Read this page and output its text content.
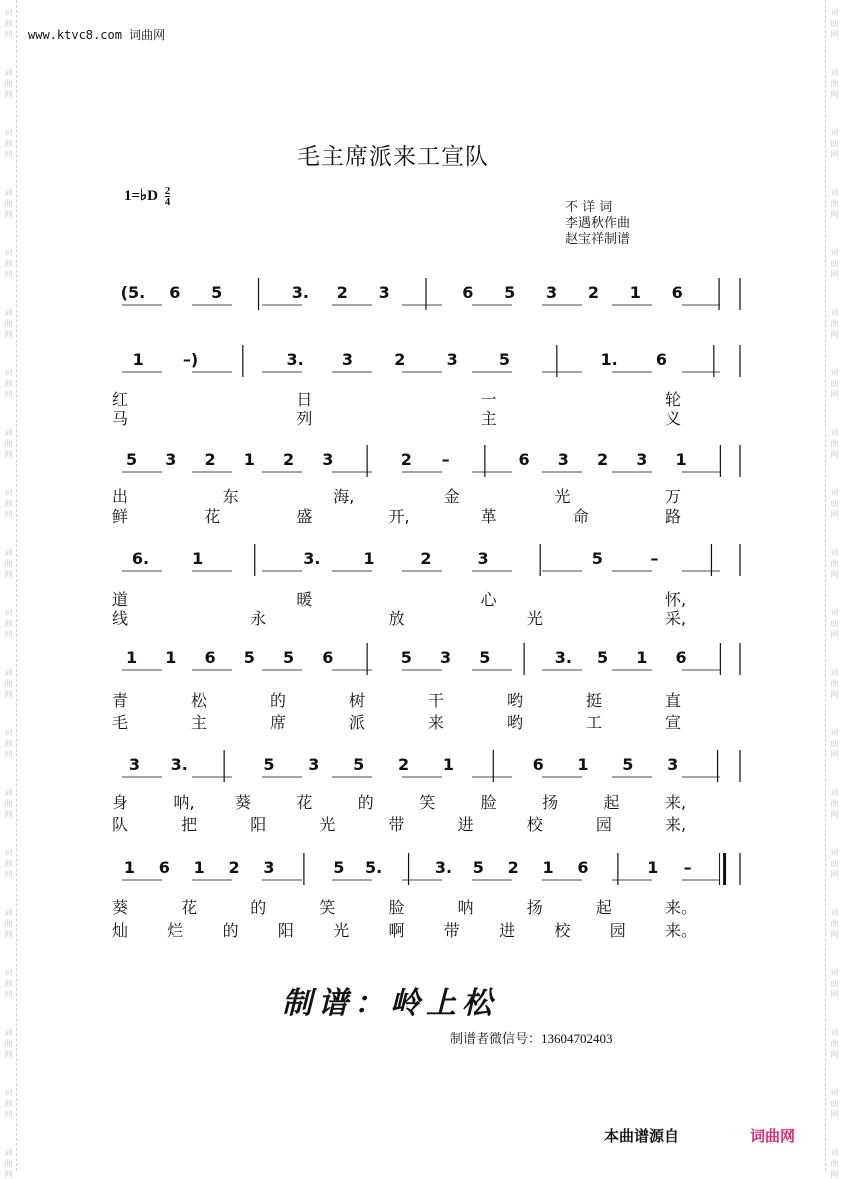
词
曲
网
词
曲
网
词
曲
网
词
曲
网
词
曲
网
词
曲
网
词
曲
网
词
曲
网
词
曲
网
词
曲
网
词
曲
网
词
曲
网
词
曲
网
词
曲
网
词
曲
网
词
曲
网
词
曲
网
词
曲
网
词
曲
网
词
曲
网
词
曲
网
词
曲
网
词
曲
网
词
曲
网
词
曲
网
词
曲
网
词
曲
网
词
曲
网
词
曲
网
词
曲
网
词
曲
网
词
曲
网
词
曲
网
词
曲
网
词
曲
网
词
曲
网
词
曲
网
词
曲
网
词
曲
网
词
曲
网
www.ktvc8.com 词曲网
毛主席派来工宣队
1=♭D $\frac{2}{4}$
不 详 词
李遇秋作曲
赵宝祥制谱
(5. 6 5	3. 2 3	6 5 3 2 1 6
1 –)	3. 3	2	3	5	1. 6
红	日	一	轮
马	列	主	义
5 3 2 1 2 3	2 –	6 3 2 3 1
出	东	海,	金	光	万
鲜	花	盛	开,	革	命	路
6.	1	3.	1	2	3	5	–
道	暖	心	怀,
线	永	放	光	采,
1 1 6 5 5 6	5 3 5	3. 5 1 6
青	松	的	树	干	哟	挺	直
毛	主	席	派	来	哟	工	宣
3 3.	5 3 5 2 1	6 1 5 3
身	呐,	葵	花	的	笑	脸	扬	起	来,
队	把	阳	光	带	进	校	园	来,
1 6 1 2 3	5 5.	3. 5 2 1 6	1 –
葵	花	的	笑	脸	呐	扬	起	来。
灿 烂 的 阳 光 啊 带 进 校 园 来。
制谱：岭上松
制谱者微信号：13604702403
本曲谱源自	词曲网
